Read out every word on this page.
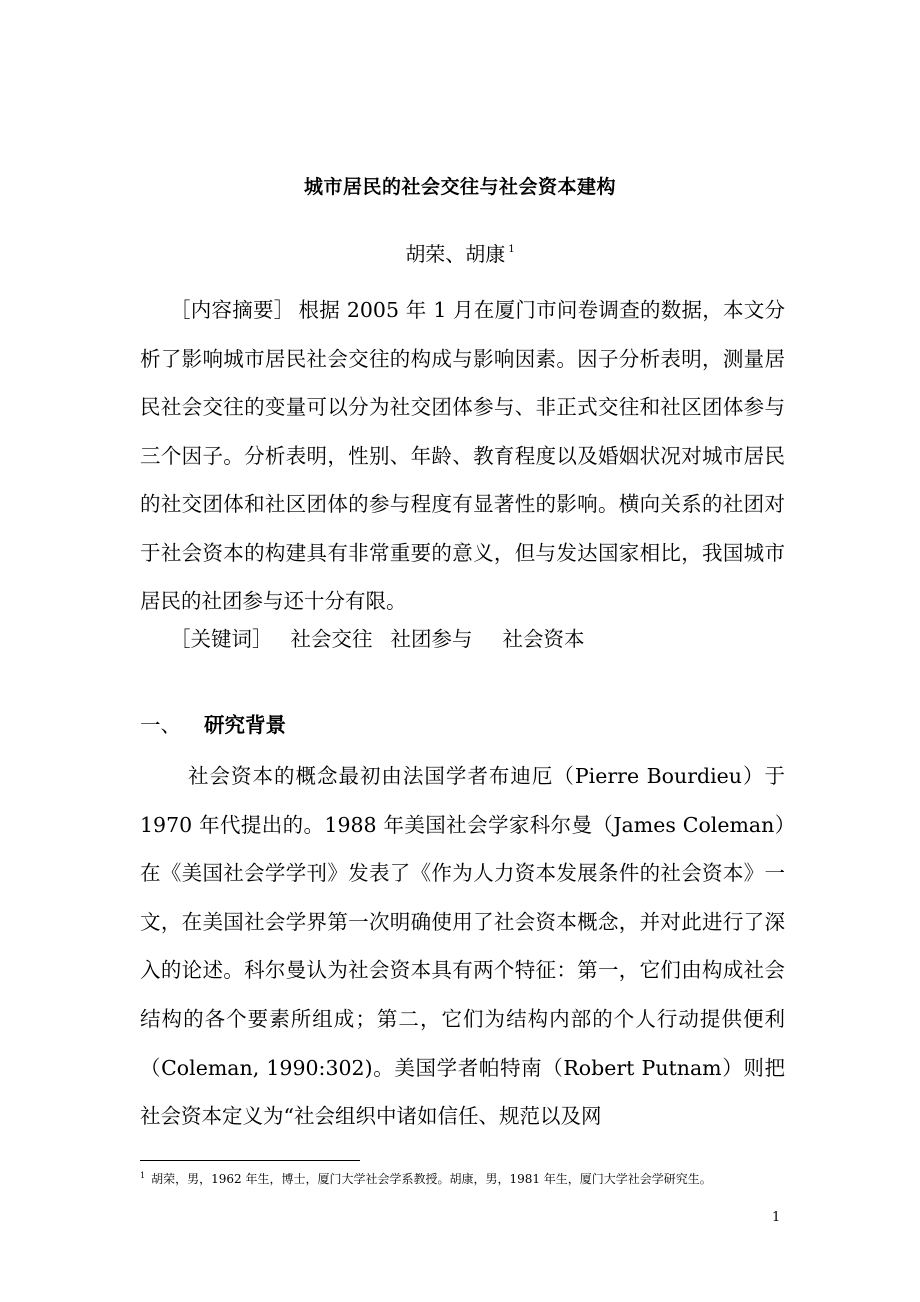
城市居民的社会交往与社会资本建构
胡荣、胡康 $^1$

［内容摘要］ 根据 2005 年 1 月在厦门市问卷调查的数据，本文分析了影响城市居民社会交往的构成与影响因素。因子分析表明，测量居民社会交往的变量可以分为社交团体参与、非正式交往和社区团体参与三个因子。分析表明，性别、年龄、教育程度以及婚姻状况对城市居民的社交团体和社区团体的参与程度有显著性的影响。横向关系的社团对于社会资本的构建具有非常重要的意义，但与发达国家相比，我国城市居民的社团参与还十分有限。

［关键词］ 社会交往 社团参与 社会资本
一、 研究背景

社会资本的概念最初由法国学者布迪厄（Pierre Bourdieu）于 1970 年代提出的。1988 年美国社会学家科尔曼（James Coleman）在《美国社会学学刊》发表了《作为人力资本发展条件的社会资本》一文，在美国社会学界第一次明确使用了社会资本概念，并对此进行了深入的论述。科尔曼认为社会资本具有两个特征：第一，它们由构成社会结构的各个要素所组成；第二，它们为结构内部的个人行动提供便利（Coleman, 1990:302)。美国学者帕特南（Robert Putnam）则把社会资本定义为“社会组织中诸如信任、规范以及网

$^1$ 胡荣，男，1962 年生，博士，厦门大学社会学系教授。胡康，男，1981 年生，厦门大学社会学研究生。
1
